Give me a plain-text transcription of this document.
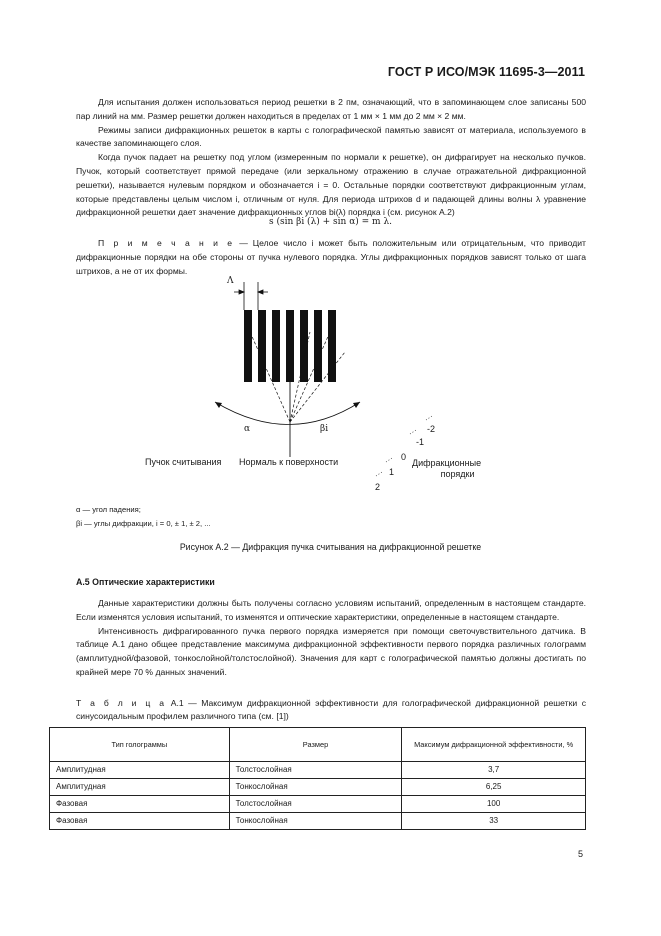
ГОСТ Р ИСО/МЭК 11695-3—2011

Для испытания должен использоваться период решетки в 2 пм, означающий, что в запоминающем слое записаны 500 пар линий на мм. Размер решетки должен находиться в пределах от 1 мм × 1 мм до 2 мм × 2 мм.

Режимы записи дифракционных решеток в карты с голографической памятью зависят от материала, используемого в качестве запоминающего слоя.

Когда пучок падает на решетку под углом (измеренным по нормали к решетке), он дифрагирует на несколько пучков. Пучок, который соответствует прямой передаче (или зеркальному отражению в случае отражательной дифракционной решетки), называется нулевым порядком и обозначается i = 0. Остальные порядки соответствуют дифракционным углам, которые представлены целым числом i, отличным от нуля. Для периода штрихов d и падающей длины волны λ уравнение дифракционной решетки дает значение дифракционных углов bi(λ) порядка i (см. рисунок А.2)

s (sin βi (λ) + sin α) = m λ.

П р и м е ч а н и е — Целое число i может быть положительным или отрицательным, что приводит дифракционные порядки на обе стороны от пучка нулевого порядка. Углы дифракционных порядков зависят только от шага штрихов, а не от их формы.

Λ
α	βi
Пучок считывания Нормаль к поверхности
-2
-1
0
1
2
Дифракционные
порядки
α — угол падения;
βi — углы дифракции, i = 0, ± 1, ± 2, ...
Рисунок А.2 — Дифракция пучка считывания на дифракционной решетке
А.5 Оптические характеристики

Данные характеристики должны быть получены согласно условиям испытаний, определенным в настоящем стандарте. Если изменятся условия испытаний, то изменятся и оптические характеристики, определенные в настоящем стандарте.

Интенсивность дифрагированного пучка первого порядка измеряется при помощи светочувствительного датчика. В таблице А.1 дано общее представление максимума дифракционной эффективности первого порядка различных голограмм (амплитудной/фазовой, тонкослойной/толстослойной). Значения для карт с голографической памятью должны достигать по крайней мере 70 % данных значений.

Т а б л и ц а А.1 — Максимум дифракционной эффективности для голографической дифракционной решетки с синусоидальным профилем различного типа (см. [1])
Тип голограммы	Размер	Максимум дифракционной эффективности, %
Амплитудная	Толстослойная	3,7
Амплитудная	Тонкослойная	6,25
Фазовая	Толстослойная	100
Фазовая	Тонкослойная	33
5
